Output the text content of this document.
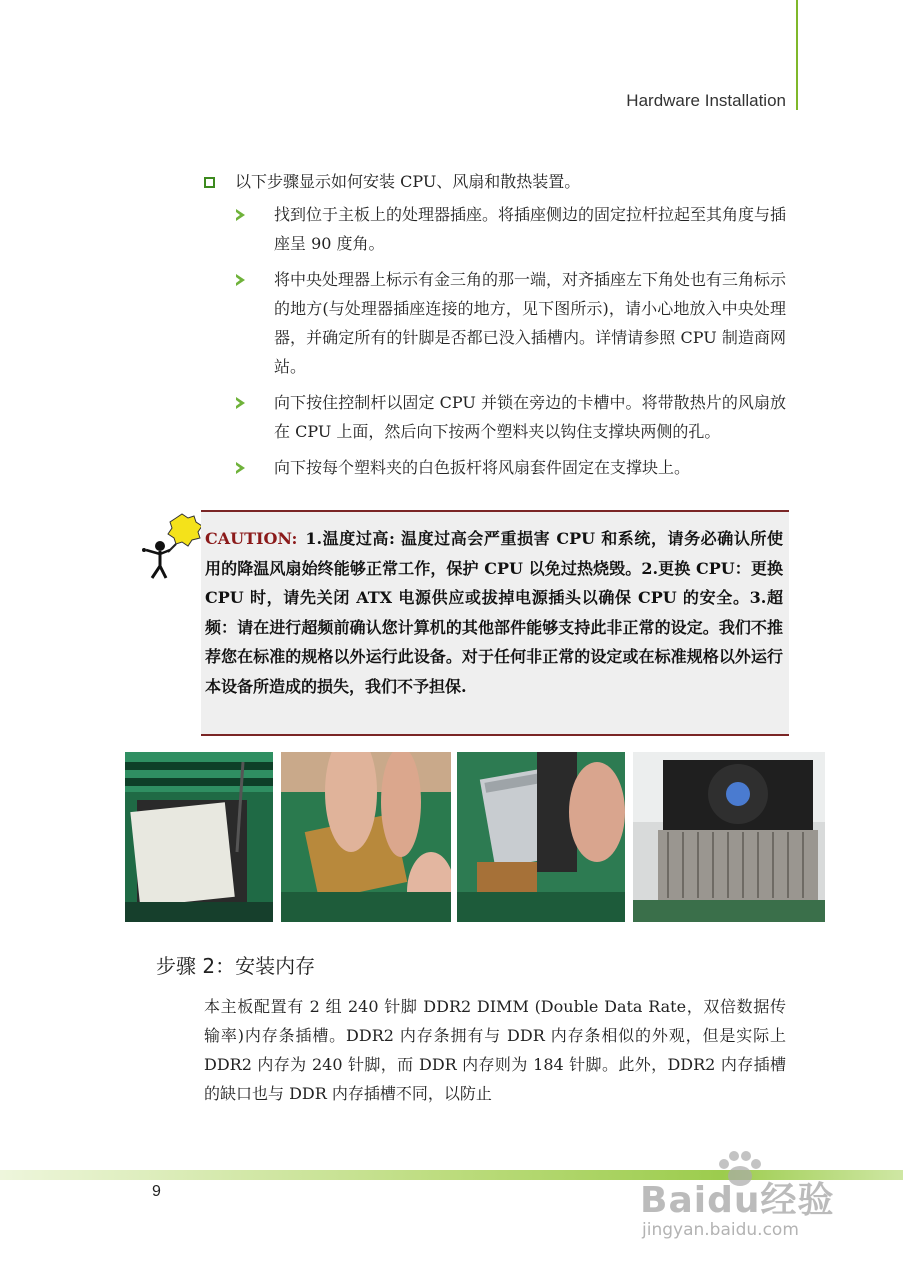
Hardware Installation
以下步骤显示如何安装 CPU、风扇和散热装置。
找到位于主板上的处理器插座。将插座侧边的固定拉杆拉起至其角度与插座呈 90 度角。
将中央处理器上标示有金三角的那一端，对齐插座左下角处也有三角标示的地方(与处理器插座连接的地方，见下图所示)，请小心地放入中央处理器，并确定所有的针脚是否都已没入插槽内。详情请参照 CPU 制造商网站。
向下按住控制杆以固定 CPU 并锁在旁边的卡槽中。将带散热片的风扇放在 CPU 上面，然后向下按两个塑料夹以钩住支撑块两侧的孔。
向下按每个塑料夹的白色扳杆将风扇套件固定在支撑块上。
CAUTION: 1.温度过高: 温度过高会严重损害 CPU 和系统，请务必确认所使用的降温风扇始终能够正常工作，保护 CPU 以免过热烧毁。2.更换 CPU：更换 CPU 时，请先关闭 ATX 电源供应或拔掉电源插头以确保 CPU 的安全。3.超频：请在进行超频前确认您计算机的其他部件能够支持此非正常的设定。我们不推荐您在标准的规格以外运行此设备。对于任何非正常的设定或在标准规格以外运行本设备所造成的损失，我们不予担保.
步骤 2：安装内存
本主板配置有 2 组 240 针脚 DDR2 DIMM (Double Data Rate，双倍数据传输率)内存条插槽。DDR2 内存条拥有与 DDR 内存条相似的外观，但是实际上 DDR2 内存为 240 针脚，而 DDR 内存则为 184 针脚。此外，DDR2 内存插槽的缺口也与 DDR 内存插槽不同，以防止
9	Baidu经验
jingyan.baidu.com
